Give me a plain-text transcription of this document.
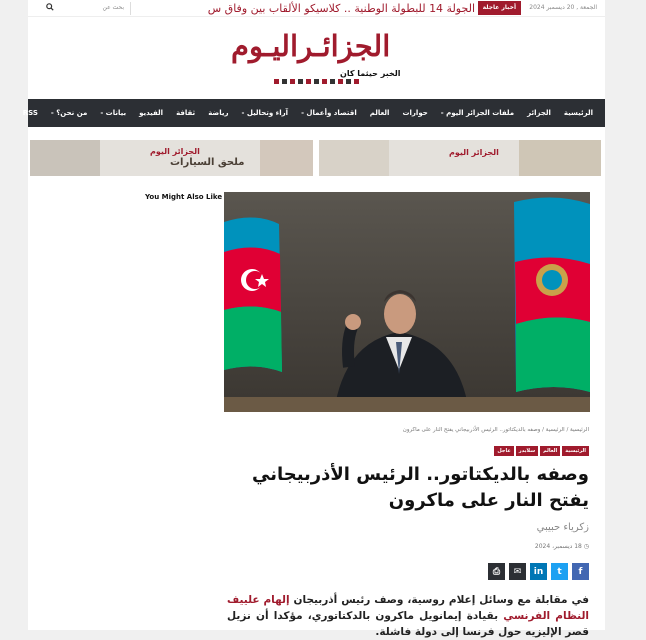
الجمعة , 20 ديسمبر 2024
أخبار عاجلة
الجولة 14 للبطولة الوطنية .. كلاسيكو الألقاب بين وفاق س
بحث عن
الجزائـراليـوم
الخبر حيثما كان
الرئيسية
الجزائر
ملفات الجزائر اليوم -
حوارات
العالم
اقتصاد وأعمال -
آراء وتحاليل -
رياضة
ثقافة
الفيديو
بيانات -
من نحن؟ -
RSS
ملحق السيارات
الجزائر اليوم	الجزائر اليوم
You Might Also Like
الرئيسية / الرئيسية / وصفه بالديكتاتور.. الرئيس الأذربيجاني يفتح النار على ماكرون
الرئيسية
العالم
سلايدر
عاجل
وصفه بالديكتاتور.. الرئيس الأذربيجاني يفتح النار على ماكرون
زكرياء حبيبي
◷ 18 ديسمبر، 2024
f
t
in
✉
⎙

في مقابلة مع وسائل إعلام روسية، وصف رئيس أذربيجان إلهام علييف النظام الفرنسي بقيادة إيمانويل ماكرون بالدكتاتوري، مؤكدا أن نزيل قصر الإليزيه حول فرنسا إلى دولة فاشلة.
